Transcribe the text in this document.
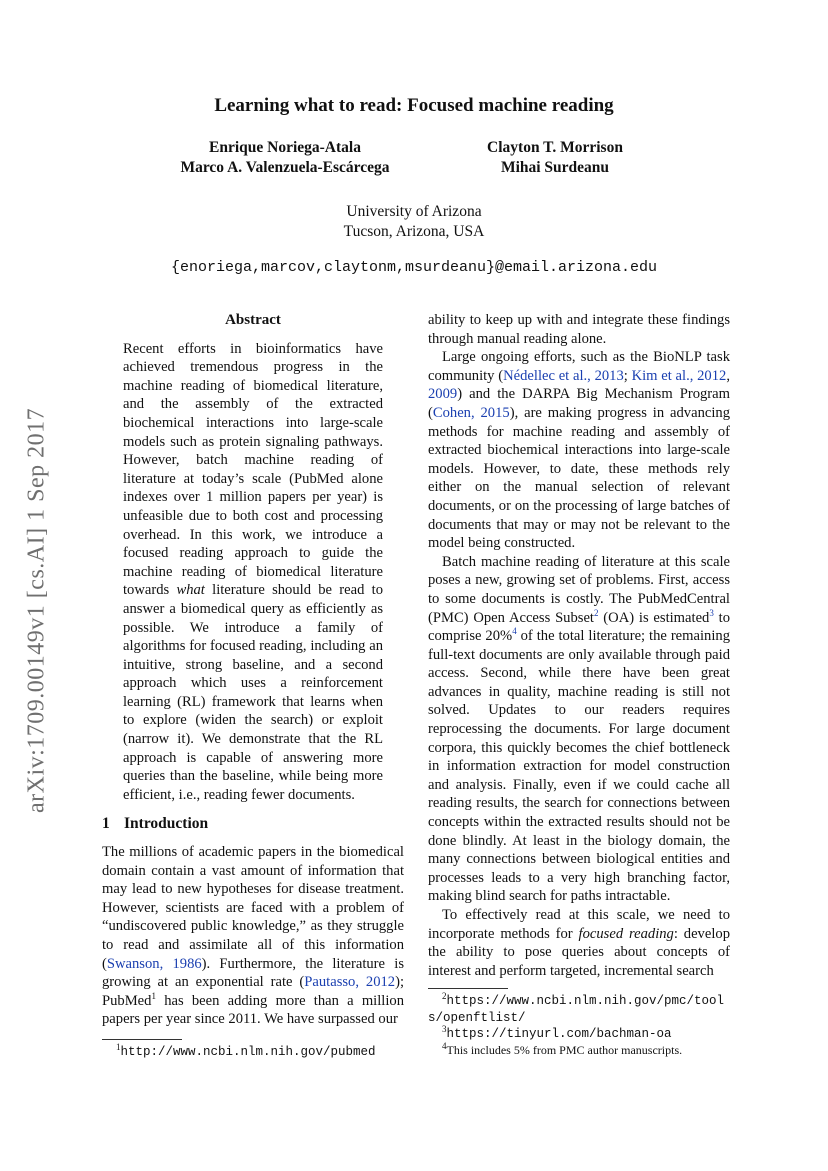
Learning what to read: Focused machine reading
Enrique Noriega-Atala
Marco A. Valenzuela-Escárcega
Clayton T. Morrison
Mihai Surdeanu
University of Arizona
Tucson, Arizona, USA
{enoriega,marcov,claytonm,msurdeanu}@email.arizona.edu
arXiv:1709.00149v1 [cs.AI] 1 Sep 2017
Abstract

Recent efforts in bioinformatics have achieved tremendous progress in the machine reading of biomedical literature, and the assembly of the extracted biochemical interactions into large-scale models such as protein signaling pathways. However, batch machine reading of literature at today’s scale (PubMed alone indexes over 1 million papers per year) is unfeasible due to both cost and processing overhead. In this work, we introduce a focused reading approach to guide the machine reading of biomedical literature towards what literature should be read to answer a biomedical query as efficiently as possible. We introduce a family of algorithms for focused reading, including an intuitive, strong baseline, and a second approach which uses a reinforcement learning (RL) framework that learns when to explore (widen the search) or exploit (narrow it). We demonstrate that the RL approach is capable of answering more queries than the baseline, while being more efficient, i.e., reading fewer documents.

1 Introduction

The millions of academic papers in the biomedical domain contain a vast amount of information that may lead to new hypotheses for disease treatment. However, scientists are faced with a problem of “undiscovered public knowledge,” as they struggle to read and assimilate all of this information (Swanson, 1986). Furthermore, the literature is growing at an exponential rate (Pautasso, 2012); PubMed$^1$ has been adding more than a million papers per year since 2011. We have surpassed our

$^1$http://www.ncbi.nlm.nih.gov/pubmed

ability to keep up with and integrate these findings through manual reading alone.

Large ongoing efforts, such as the BioNLP task community (Nédellec et al., 2013; Kim et al., 2012, 2009) and the DARPA Big Mechanism Program (Cohen, 2015), are making progress in advancing methods for machine reading and assembly of extracted biochemical interactions into large-scale models. However, to date, these methods rely either on the manual selection of relevant documents, or on the processing of large batches of documents that may or may not be relevant to the model being constructed.

Batch machine reading of literature at this scale poses a new, growing set of problems. First, access to some documents is costly. The PubMedCentral (PMC) Open Access Subset$^2$ (OA) is estimated$^3$ to comprise 20%$^4$ of the total literature; the remaining full-text documents are only available through paid access. Second, while there have been great advances in quality, machine reading is still not solved. Updates to our readers requires reprocessing the documents. For large document corpora, this quickly becomes the chief bottleneck in information extraction for model construction and analysis. Finally, even if we could cache all reading results, the search for connections between concepts within the extracted results should not be done blindly. At least in the biology domain, the many connections between biological entities and processes leads to a very high branching factor, making blind search for paths intractable.

To effectively read at this scale, we need to incorporate methods for focused reading: develop the ability to pose queries about concepts of interest and perform targeted, incremental search

$^2$https://www.ncbi.nlm.nih.gov/pmc/tools/openftlist/
$^3$https://tinyurl.com/bachman-oa
$^4$This includes 5% from PMC author manuscripts.
